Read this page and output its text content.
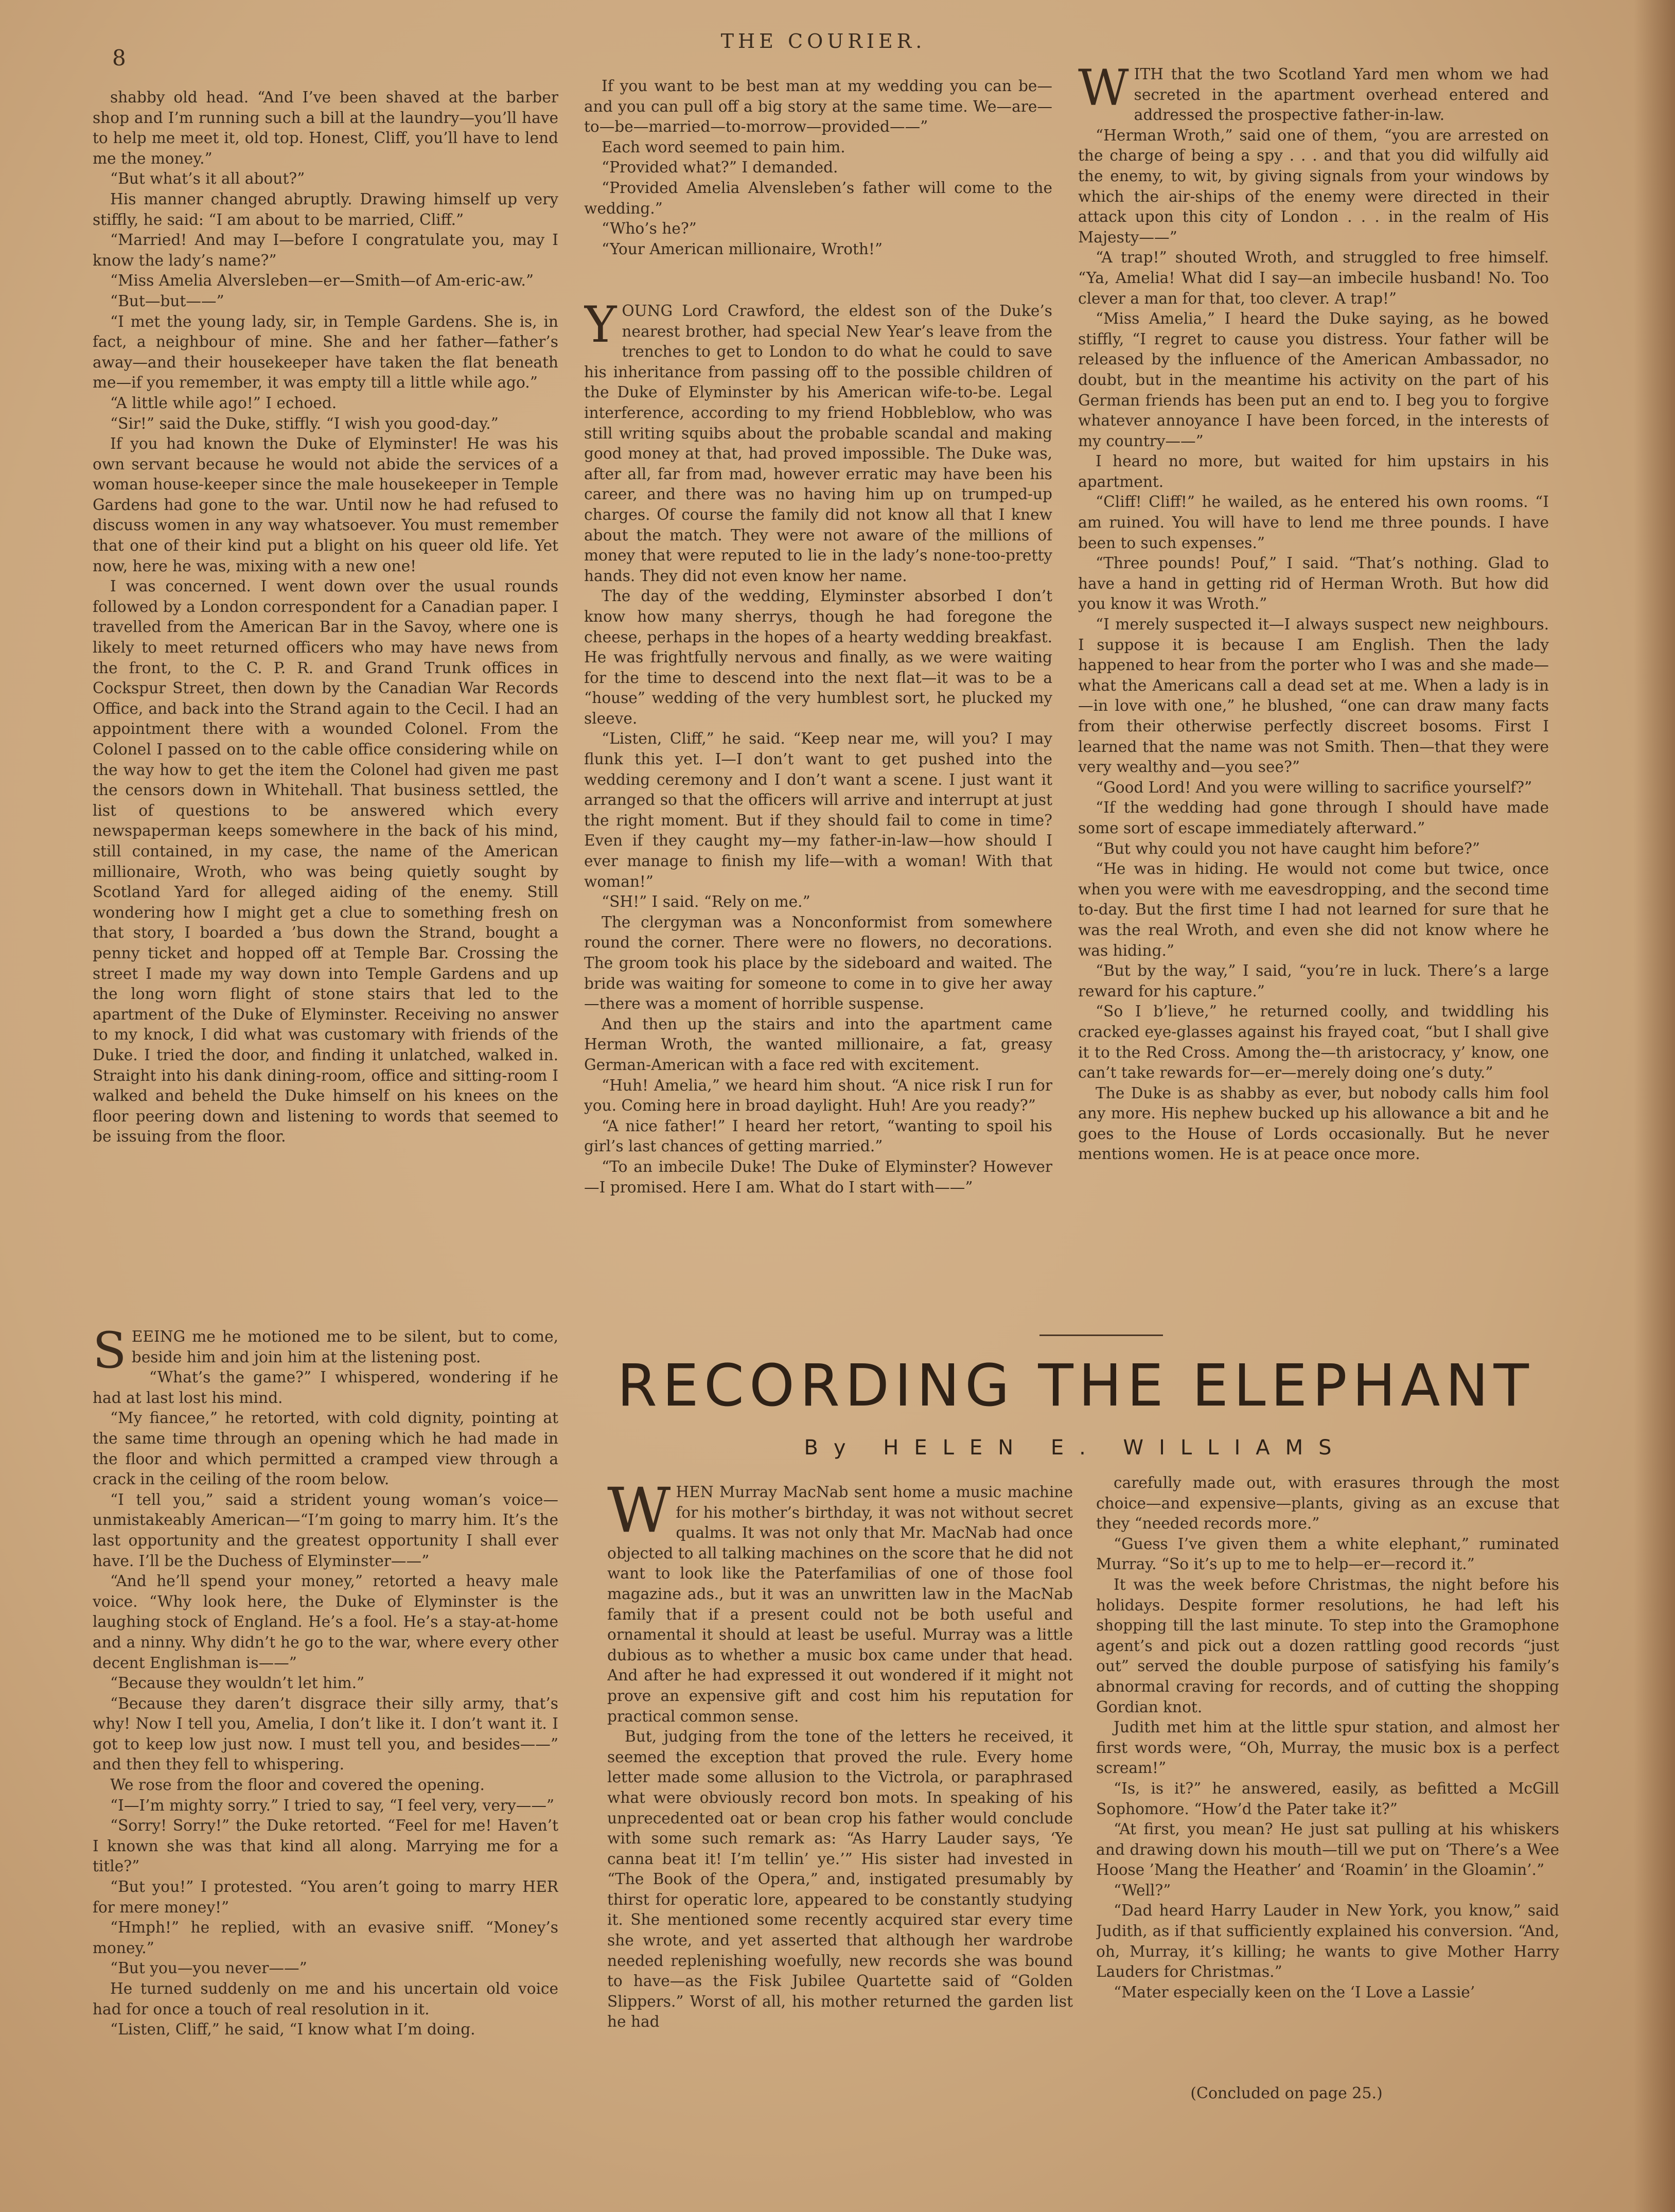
8
THE COURIER.

shabby old head. “And I’ve been shaved at the barber shop and I’m running such a bill at the laundry—you’ll have to help me meet it, old top. Honest, Cliff, you’ll have to lend me the money.”

“But what’s it all about?”

His manner changed abruptly. Drawing himself up very stiffly, he said: “I am about to be married, Cliff.”

“Married! And may I—before I congratulate you, may I know the lady’s name?”

“Miss Amelia Alversleben—er—Smith—of Am-eric-aw.”

“But—but——”

“I met the young lady, sir, in Temple Gardens. She is, in fact, a neighbour of mine. She and her father—father’s away—and their housekeeper have taken the flat beneath me—if you remember, it was empty till a little while ago.”

“A little while ago!” I echoed.

“Sir!” said the Duke, stiffly. “I wish you good-day.”

If you had known the Duke of Elyminster! He was his own servant because he would not abide the services of a woman house-keeper since the male housekeeper in Temple Gardens had gone to the war. Until now he had refused to discuss women in any way whatsoever. You must remember that one of their kind put a blight on his queer old life. Yet now, here he was, mixing with a new one!

I was concerned. I went down over the usual rounds followed by a London correspondent for a Canadian paper. I travelled from the American Bar in the Savoy, where one is likely to meet returned officers who may have news from the front, to the C. P. R. and Grand Trunk offices in Cockspur Street, then down by the Canadian War Records Office, and back into the Strand again to the Cecil. I had an appointment there with a wounded Colonel. From the Colonel I passed on to the cable office considering while on the way how to get the item the Colonel had given me past the censors down in Whitehall. That business settled, the list of questions to be answered which every newspaperman keeps somewhere in the back of his mind, still contained, in my case, the name of the American millionaire, Wroth, who was being quietly sought by Scotland Yard for alleged aiding of the enemy. Still wondering how I might get a clue to something fresh on that story, I boarded a ’bus down the Strand, bought a penny ticket and hopped off at Temple Bar. Crossing the street I made my way down into Temple Gardens and up the long worn flight of stone stairs that led to the apartment of the Duke of Elyminster. Receiving no answer to my knock, I did what was customary with friends of the Duke. I tried the door, and finding it unlatched, walked in. Straight into his dank dining-room, office and sitting-room I walked and beheld the Duke himself on his knees on the floor peering down and listening to words that seemed to be issuing from the floor.

S EEING me he motioned me to be silent, but to come, beside him and join him at the listening post.

“What’s the game?” I whispered, wondering if he had at last lost his mind.

“My fiancee,” he retorted, with cold dignity, pointing at the same time through an opening which he had made in the floor and which permitted a cramped view through a crack in the ceiling of the room below.

“I tell you,” said a strident young woman’s voice—unmistakeably American—“I’m going to marry him. It’s the last opportunity and the greatest opportunity I shall ever have. I’ll be the Duchess of Elyminster——”

“And he’ll spend your money,” retorted a heavy male voice. “Why look here, the Duke of Elyminster is the laughing stock of England. He’s a fool. He’s a stay-at-home and a ninny. Why didn’t he go to the war, where every other decent Englishman is——”

“Because they wouldn’t let him.”

“Because they daren’t disgrace their silly army, that’s why! Now I tell you, Amelia, I don’t like it. I don’t want it. I got to keep low just now. I must tell you, and besides——” and then they fell to whispering.

We rose from the floor and covered the opening.

“I—I’m mighty sorry.” I tried to say, “I feel very, very——”

“Sorry! Sorry!” the Duke retorted. “Feel for me! Haven’t I known she was that kind all along. Marrying me for a title?”

“But you!” I protested. “You aren’t going to marry HER for mere money!”

“Hmph!” he replied, with an evasive sniff. “Money’s money.”

“But you—you never——”

He turned suddenly on me and his uncertain old voice had for once a touch of real resolution in it.

“Listen, Cliff,” he said, “I know what I’m doing.

If you want to be best man at my wedding you can be—and you can pull off a big story at the same time. We—are—to—be—married—to-morrow—provided——”

Each word seemed to pain him.

“Provided what?” I demanded.

“Provided Amelia Alvensleben’s father will come to the wedding.”

“Who’s he?”

“Your American millionaire, Wroth!”

Y OUNG Lord Crawford, the eldest son of the Duke’s nearest brother, had special New Year’s leave from the trenches to get to London to do what he could to save his inheritance from passing off to the possible children of the Duke of Elyminster by his American wife-to-be. Legal interference, according to my friend Hobbleblow, who was still writing squibs about the probable scandal and making good money at that, had proved impossible. The Duke was, after all, far from mad, however erratic may have been his career, and there was no having him up on trumped-up charges. Of course the family did not know all that I knew about the match. They were not aware of the millions of money that were reputed to lie in the lady’s none-too-pretty hands. They did not even know her name.

The day of the wedding, Elyminster absorbed I don’t know how many sherrys, though he had foregone the cheese, perhaps in the hopes of a hearty wedding breakfast. He was frightfully nervous and finally, as we were waiting for the time to descend into the next flat—it was to be a “house” wedding of the very humblest sort, he plucked my sleeve.

“Listen, Cliff,” he said. “Keep near me, will you? I may flunk this yet. I—I don’t want to get pushed into the wedding ceremony and I don’t want a scene. I just want it arranged so that the officers will arrive and interrupt at just the right moment. But if they should fail to come in time? Even if they caught my—my father-in-law—how should I ever manage to finish my life—with a woman! With that woman!”

“SH!” I said. “Rely on me.”

The clergyman was a Nonconformist from somewhere round the corner. There were no flowers, no decorations. The groom took his place by the sideboard and waited. The bride was waiting for someone to come in to give her away—there was a moment of horrible suspense.

And then up the stairs and into the apartment came Herman Wroth, the wanted millionaire, a fat, greasy German-American with a face red with excitement.

“Huh! Amelia,” we heard him shout. “A nice risk I run for you. Coming here in broad daylight. Huh! Are you ready?”

“A nice father!” I heard her retort, “wanting to spoil his girl’s last chances of getting married.”

“To an imbecile Duke! The Duke of Elyminster? However—I promised. Here I am. What do I start with——”

W ITH that the two Scotland Yard men whom we had secreted in the apartment overhead entered and addressed the prospective father-in-law.

“Herman Wroth,” said one of them, “you are arrested on the charge of being a spy . . . and that you did wilfully aid the enemy, to wit, by giving signals from your windows by which the air-ships of the enemy were directed in their attack upon this city of London . . . in the realm of His Majesty——”

“A trap!” shouted Wroth, and struggled to free himself. “Ya, Amelia! What did I say—an imbecile husband! No. Too clever a man for that, too clever. A trap!”

“Miss Amelia,” I heard the Duke saying, as he bowed stiffly, “I regret to cause you distress. Your father will be released by the influence of the American Ambassador, no doubt, but in the meantime his activity on the part of his German friends has been put an end to. I beg you to forgive whatever annoyance I have been forced, in the interests of my country——”

I heard no more, but waited for him upstairs in his apartment.

“Cliff! Cliff!” he wailed, as he entered his own rooms. “I am ruined. You will have to lend me three pounds. I have been to such expenses.”

“Three pounds! Pouf,” I said. “That’s nothing. Glad to have a hand in getting rid of Herman Wroth. But how did you know it was Wroth.”

“I merely suspected it—I always suspect new neighbours. I suppose it is because I am English. Then the lady happened to hear from the porter who I was and she made—what the Americans call a dead set at me. When a lady is in—in love with one,” he blushed, “one can draw many facts from their otherwise perfectly discreet bosoms. First I learned that the name was not Smith. Then—that they were very wealthy and—you see?”

“Good Lord! And you were willing to sacrifice yourself?”

“If the wedding had gone through I should have made some sort of escape immediately afterward.”

“But why could you not have caught him before?”

“He was in hiding. He would not come but twice, once when you were with me eavesdropping, and the second time to-day. But the first time I had not learned for sure that he was the real Wroth, and even she did not know where he was hiding.”

“But by the way,” I said, “you’re in luck. There’s a large reward for his capture.”

“So I b’lieve,” he returned coolly, and twiddling his cracked eye-glasses against his frayed coat, “but I shall give it to the Red Cross. Among the—th aristocracy, y’ know, one can’t take rewards for—er—merely doing one’s duty.”

The Duke is as shabby as ever, but nobody calls him fool any more. His nephew bucked up his allowance a bit and he goes to the House of Lords occasionally. But he never mentions women. He is at peace once more.

RECORDING THE ELEPHANT
By HELEN E. WILLIAMS
W HEN Murray MacNab sent home a music machine for his mother’s birthday, it was not without secret qualms. It was not only that Mr. MacNab had once objected to all talking machines on the score that he did not want to look like the Paterfamilias of one of those fool magazine ads., but it was an unwritten law in the MacNab family that if a present could not be both useful and ornamental it should at least be useful. Murray was a little dubious as to whether a music box came under that head. And after he had expressed it out wondered if it might not prove an expensive gift and cost him his reputation for practical common sense.

But, judging from the tone of the letters he received, it seemed the exception that proved the rule. Every home letter made some allusion to the Victrola, or paraphrased what were obviously record bon mots. In speaking of his unprecedented oat or bean crop his father would conclude with some such remark as: “As Harry Lauder says, ‘Ye canna beat it! I’m tellin’ ye.’” His sister had invested in “The Book of the Opera,” and, instigated presumably by thirst for operatic lore, appeared to be constantly studying it. She mentioned some recently acquired star every time she wrote, and yet asserted that although her wardrobe needed replenishing woefully, new records she was bound to have—as the Fisk Jubilee Quartette said of “Golden Slippers.” Worst of all, his mother returned the garden list he had

carefully made out, with erasures through the most choice—and expensive—plants, giving as an excuse that they “needed records more.”

“Guess I’ve given them a white elephant,” ruminated Murray. “So it’s up to me to help—er—record it.”

It was the week before Christmas, the night before his holidays. Despite former resolutions, he had left his shopping till the last minute. To step into the Gramophone agent’s and pick out a dozen rattling good records “just out” served the double purpose of satisfying his family’s abnormal craving for records, and of cutting the shopping Gordian knot.

Judith met him at the little spur station, and almost her first words were, “Oh, Murray, the music box is a perfect scream!”

“Is, is it?” he answered, easily, as befitted a McGill Sophomore. “How’d the Pater take it?”

“At first, you mean? He just sat pulling at his whiskers and drawing down his mouth—till we put on ‘There’s a Wee Hoose ’Mang the Heather’ and ‘Roamin’ in the Gloamin’.”

“Well?”

“Dad heard Harry Lauder in New York, you know,” said Judith, as if that sufficiently explained his conversion. “And, oh, Murray, it’s killing; he wants to give Mother Harry Lauders for Christmas.”

“Mater especially keen on the ‘I Love a Lassie’

(Concluded on page 25.)
